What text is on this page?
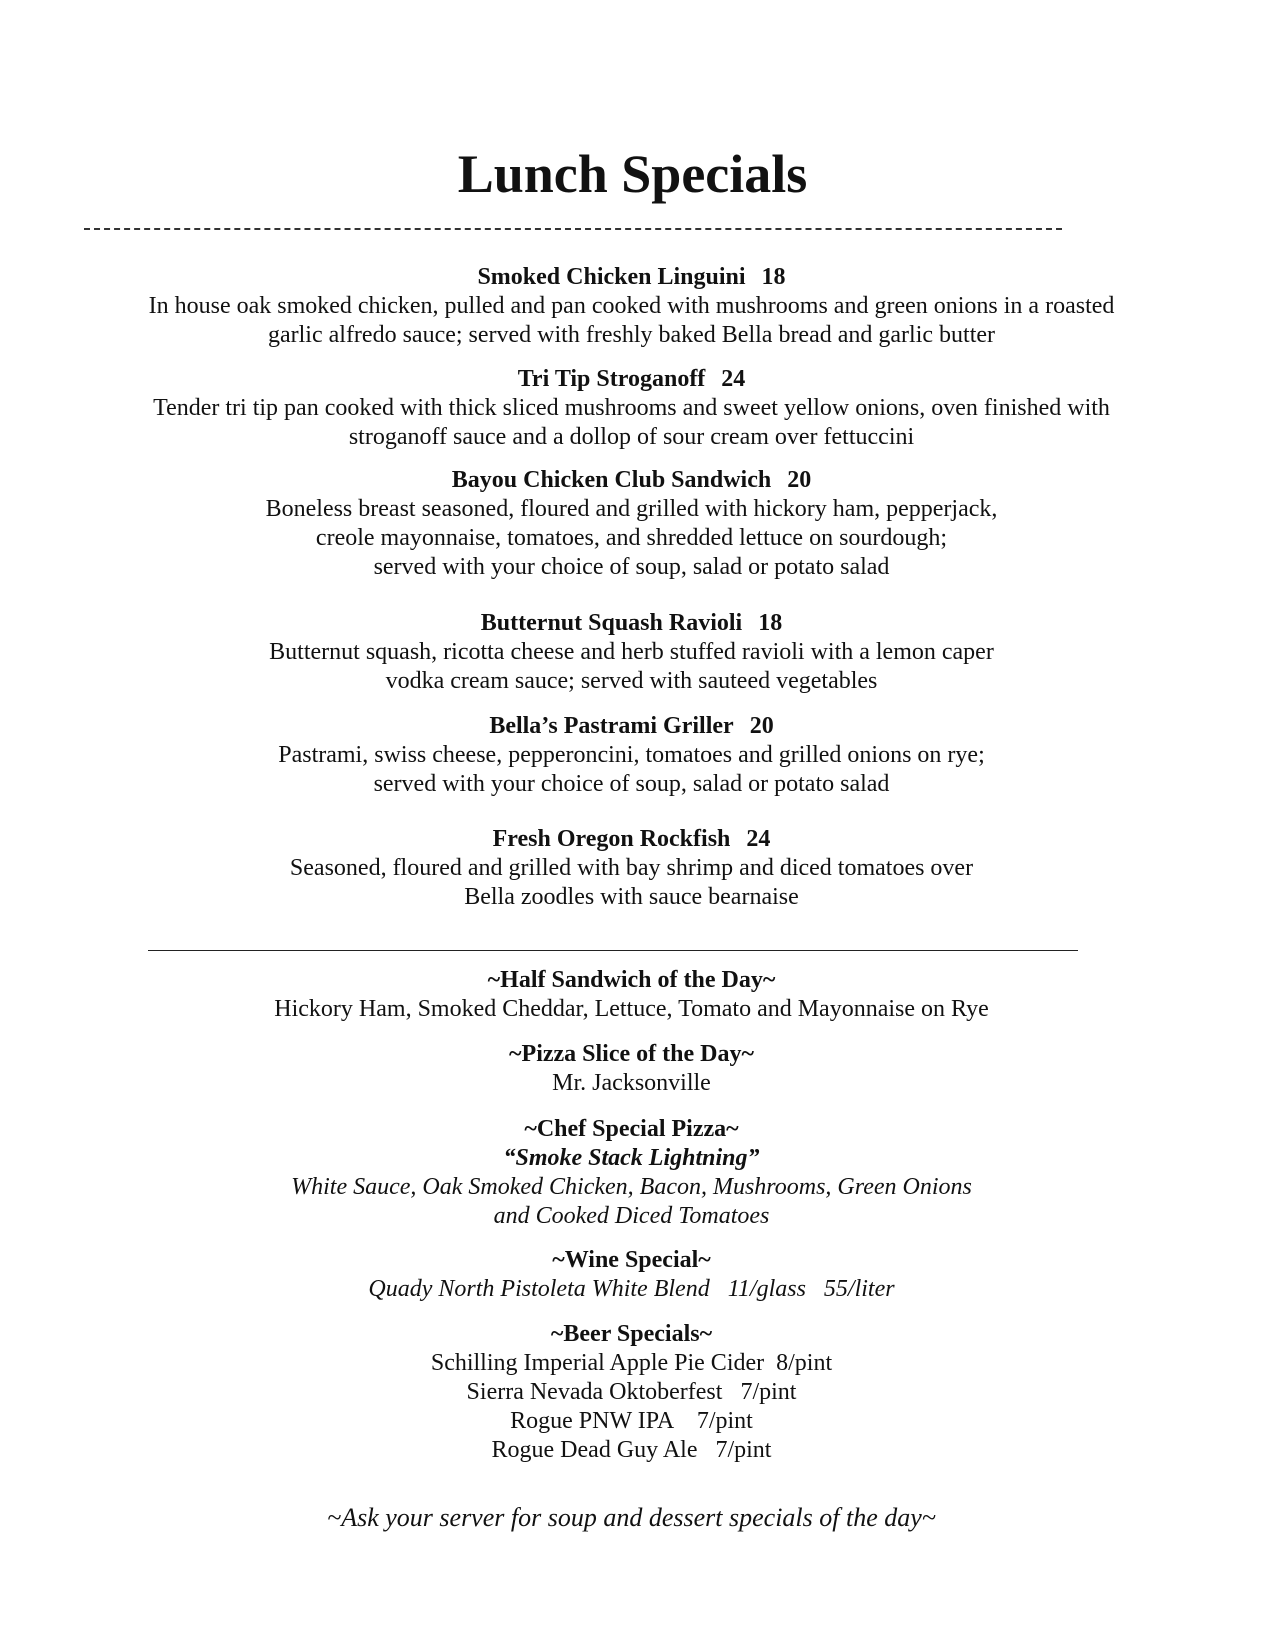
Lunch Specials
Smoked Chicken Linguini 18
In house oak smoked chicken, pulled and pan cooked with mushrooms and green onions in a roasted
garlic alfredo sauce; served with freshly baked Bella bread and garlic butter
Tri Tip Stroganoff 24
Tender tri tip pan cooked with thick sliced mushrooms and sweet yellow onions, oven finished with
stroganoff sauce and a dollop of sour cream over fettuccini
Bayou Chicken Club Sandwich 20
Boneless breast seasoned, floured and grilled with hickory ham, pepperjack,
creole mayonnaise, tomatoes, and shredded lettuce on sourdough;
served with your choice of soup, salad or potato salad
Butternut Squash Ravioli 18
Butternut squash, ricotta cheese and herb stuffed ravioli with a lemon caper
vodka cream sauce; served with sauteed vegetables
Bella’s Pastrami Griller 20
Pastrami, swiss cheese, pepperoncini, tomatoes and grilled onions on rye;
served with your choice of soup, salad or potato salad
Fresh Oregon Rockfish 24
Seasoned, floured and grilled with bay shrimp and diced tomatoes over
Bella zoodles with sauce bearnaise
~Half Sandwich of the Day~
Hickory Ham, Smoked Cheddar, Lettuce, Tomato and Mayonnaise on Rye
~Pizza Slice of the Day~
Mr. Jacksonville
~Chef Special Pizza~
“Smoke Stack Lightning”
White Sauce, Oak Smoked Chicken, Bacon, Mushrooms, Green Onions
and Cooked Diced Tomatoes
~Wine Special~
Quady North Pistoleta White Blend   11/glass   55/liter
~Beer Specials~
Schilling Imperial Apple Pie Cider  8/pint
Sierra Nevada Oktoberfest   7/pint
Rogue PNW IPA    7/pint
Rogue Dead Guy Ale   7/pint
~Ask your server for soup and dessert specials of the day~
